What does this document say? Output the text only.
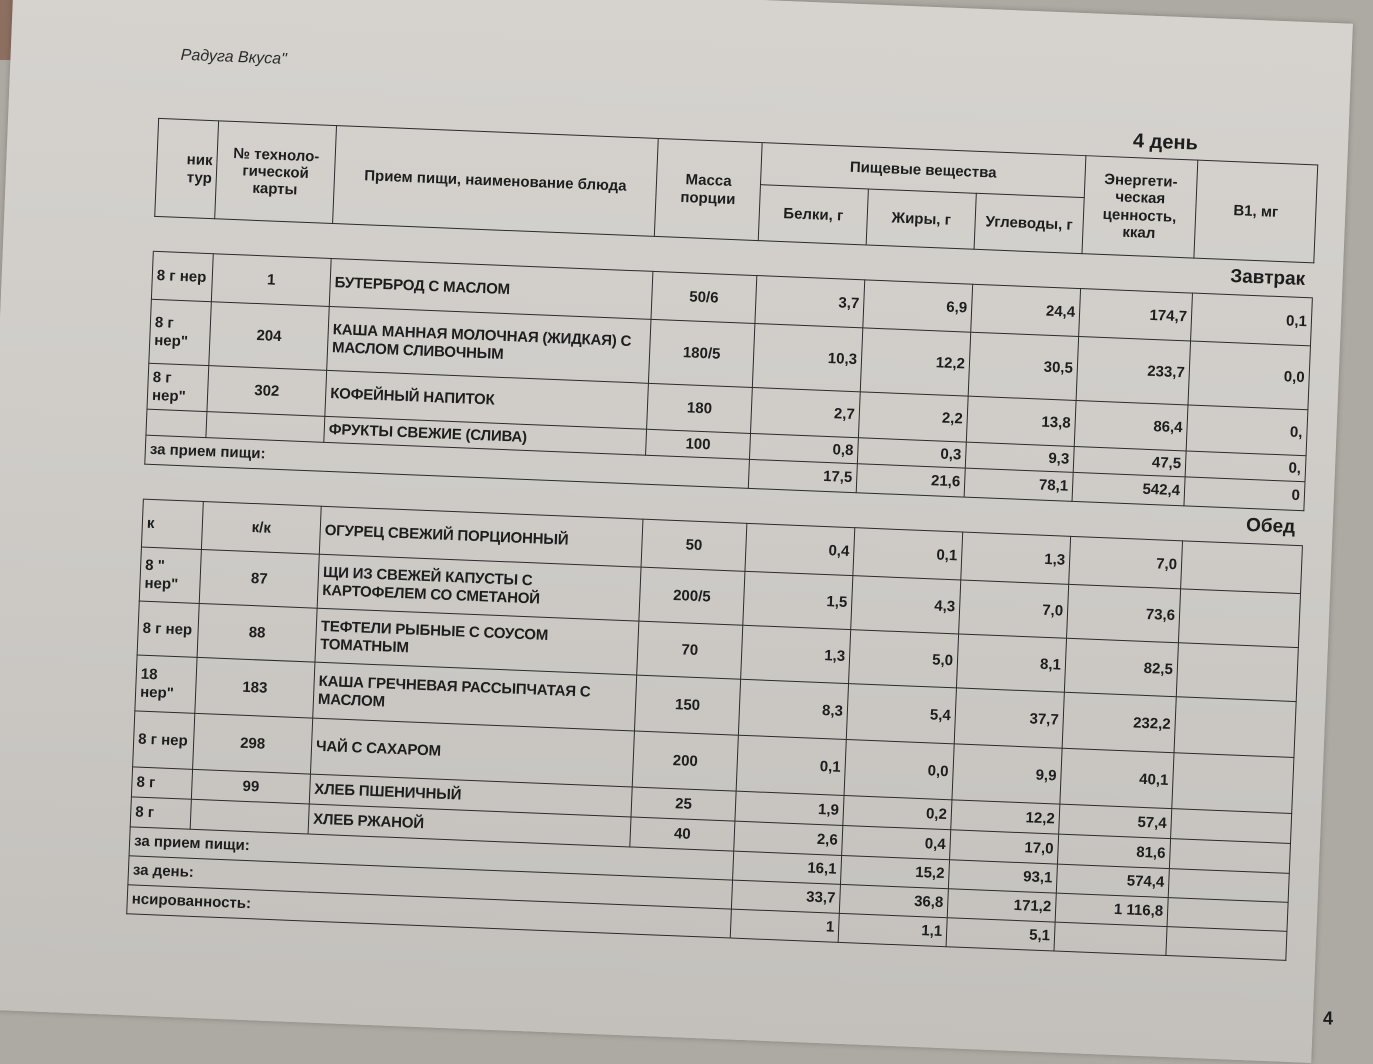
Радуга Вкуса"
4 день
ник
тур	№ техноло-гической карты	Прием пищи, наименование блюда	Масса порции	Пищевые вещества			Энергети-ческая ценность, ккал	В1, мг
				Белки, г	Жиры, г	Углеводы, г		
Завтрак								
8 г нер	1	БУТЕРБРОД С МАСЛОМ	50/6	3,7	6,9	24,4	174,7	0,1
8 г нер"	204	КАША МАННАЯ МОЛОЧНАЯ (ЖИДКАЯ) С МАСЛОМ СЛИВОЧНЫМ	180/5	10,3	12,2	30,5	233,7	0,0
8 г нер"	302	КОФЕЙНЫЙ НАПИТОК	180	2,7	2,2	13,8	86,4	0,
		ФРУКТЫ СВЕЖИЕ (СЛИВА)	100	0,8	0,3	9,3	47,5	0,
за прием пищи:				17,5	21,6	78,1	542,4	0
Обед								
к	к/к	ОГУРЕЦ СВЕЖИЙ ПОРЦИОННЫЙ	50	0,4	0,1	1,3	7,0	
8 " нер"	87	ЩИ ИЗ СВЕЖЕЙ КАПУСТЫ С КАРТОФЕЛЕМ СО СМЕТАНОЙ	200/5	1,5	4,3	7,0	73,6	
8 г нер	88	ТЕФТЕЛИ РЫБНЫЕ С СОУСОМ ТОМАТНЫМ	70	1,3	5,0	8,1	82,5	
18 нер"	183	КАША ГРЕЧНЕВАЯ РАССЫПЧАТАЯ С МАСЛОМ	150	8,3	5,4	37,7	232,2	
8 г нер	298	ЧАЙ С САХАРОМ	200	0,1	0,0	9,9	40,1	
8 г	99	ХЛЕБ ПШЕНИЧНЫЙ	25	1,9	0,2	12,2	57,4	
8 г		ХЛЕБ РЖАНОЙ	40	2,6	0,4	17,0	81,6	
за прием пищи:				16,1	15,2	93,1	574,4	
за день:				33,7	36,8	171,2	1 116,8	
нсированность:				1	1,1	5,1		
4
